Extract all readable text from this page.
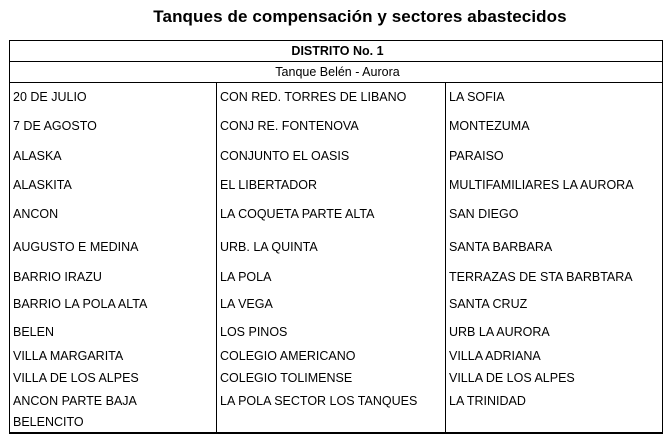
Tanques de compensación y sectores abastecidos
DISTRITO No. 1		
Tanque Belén - Aurora		
20 DE JULIO	CON RED. TORRES DE LIBANO	LA SOFIA
7 DE AGOSTO	CONJ RE. FONTENOVA	MONTEZUMA
ALASKA	CONJUNTO EL OASIS	PARAISO
ALASKITA	EL LIBERTADOR	MULTIFAMILIARES LA AURORA
ANCON	LA COQUETA PARTE ALTA	SAN DIEGO
AUGUSTO E MEDINA	URB. LA QUINTA	SANTA BARBARA
BARRIO IRAZU	LA POLA	TERRAZAS DE STA BARBTARA
BARRIO LA POLA ALTA	LA VEGA	SANTA CRUZ
BELEN	LOS PINOS	URB LA AURORA
VILLA MARGARITA	COLEGIO AMERICANO	VILLA ADRIANA
VILLA DE LOS ALPES	COLEGIO TOLIMENSE	VILLA DE LOS ALPES
ANCON PARTE BAJA	LA POLA SECTOR LOS TANQUES	LA TRINIDAD
BELENCITO		
